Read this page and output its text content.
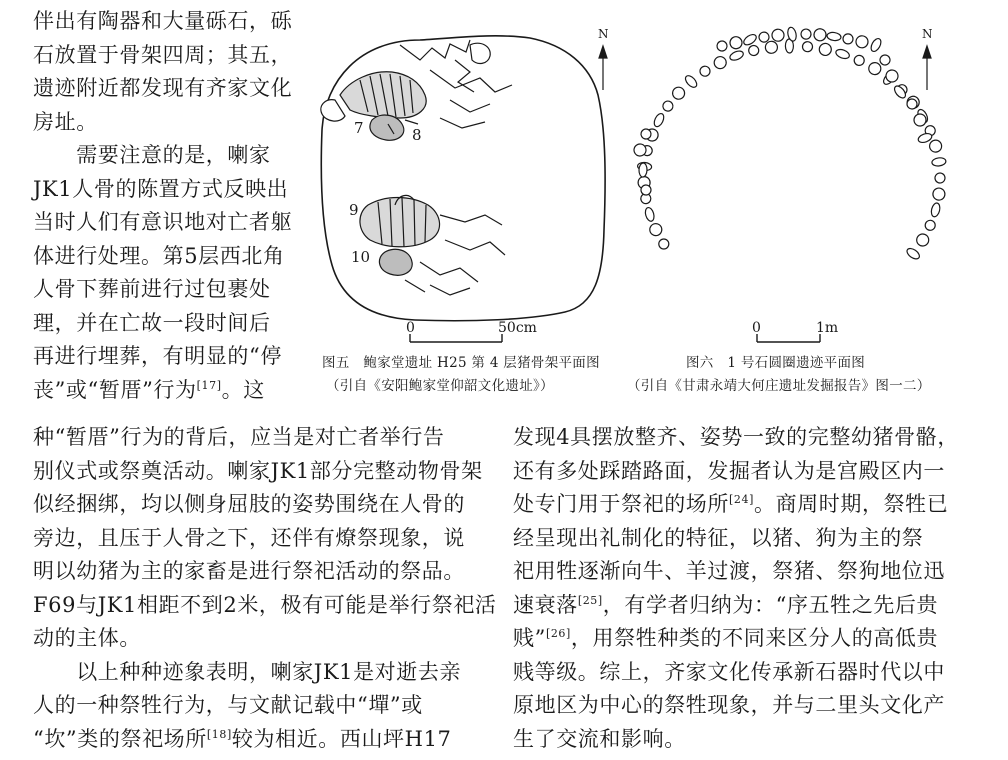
伴出有陶器和大量砾石，砾

石放置于骨架四周；其五，

遗迹附近都发现有齐家文化

房址。

　　需要注意的是，喇家

JK1人骨的陈置方式反映出

当时人们有意识地对亡者躯

体进行处理。第5层西北角

人骨下葬前进行过包裹处

理，并在亡故一段时间后

再进行埋葬，有明显的“停

丧”或“暂厝”行为[17]。这

种“暂厝”行为的背后，应当是对亡者举行告

别仪式或祭奠活动。喇家JK1部分完整动物骨架

似经捆绑，均以侧身屈肢的姿势围绕在人骨的

旁边，且压于人骨之下，还伴有燎祭现象，说

明以幼猪为主的家畜是进行祭祀活动的祭品。

F69与JK1相距不到2米，极有可能是举行祭祀活

动的主体。

　　以上种种迹象表明，喇家JK1是对逝去亲

人的一种祭牲行为，与文献记载中“墠”或

“坎”类的祭祀场所[18]较为相近。西山坪H17

发现4具摆放整齐、姿势一致的完整幼猪骨骼，

还有多处踩踏路面，发掘者认为是宫殿区内一

处专门用于祭祀的场所[24]。商周时期，祭牲已

经呈现出礼制化的特征，以猪、狗为主的祭

祀用牲逐渐向牛、羊过渡，祭猪、祭狗地位迅

速衰落[25]，有学者归纳为：“序五牲之先后贵

贱”[26]，用祭牲种类的不同来区分人的高低贵

贱等级。综上，齐家文化传承新石器时代以中

原地区为中心的祭牲现象，并与二里头文化产

生了交流和影响。

7	8
9
10
0	50cm
图五　鲍家堂遗址 H25 第 4 层猪骨架平面图
（引自《安阳鲍家堂仰韶文化遗址》）
N	N
0	1m
图六　1 号石圆圈遗迹平面图
（引自《甘肃永靖大何庄遗址发掘报告》图一二）
